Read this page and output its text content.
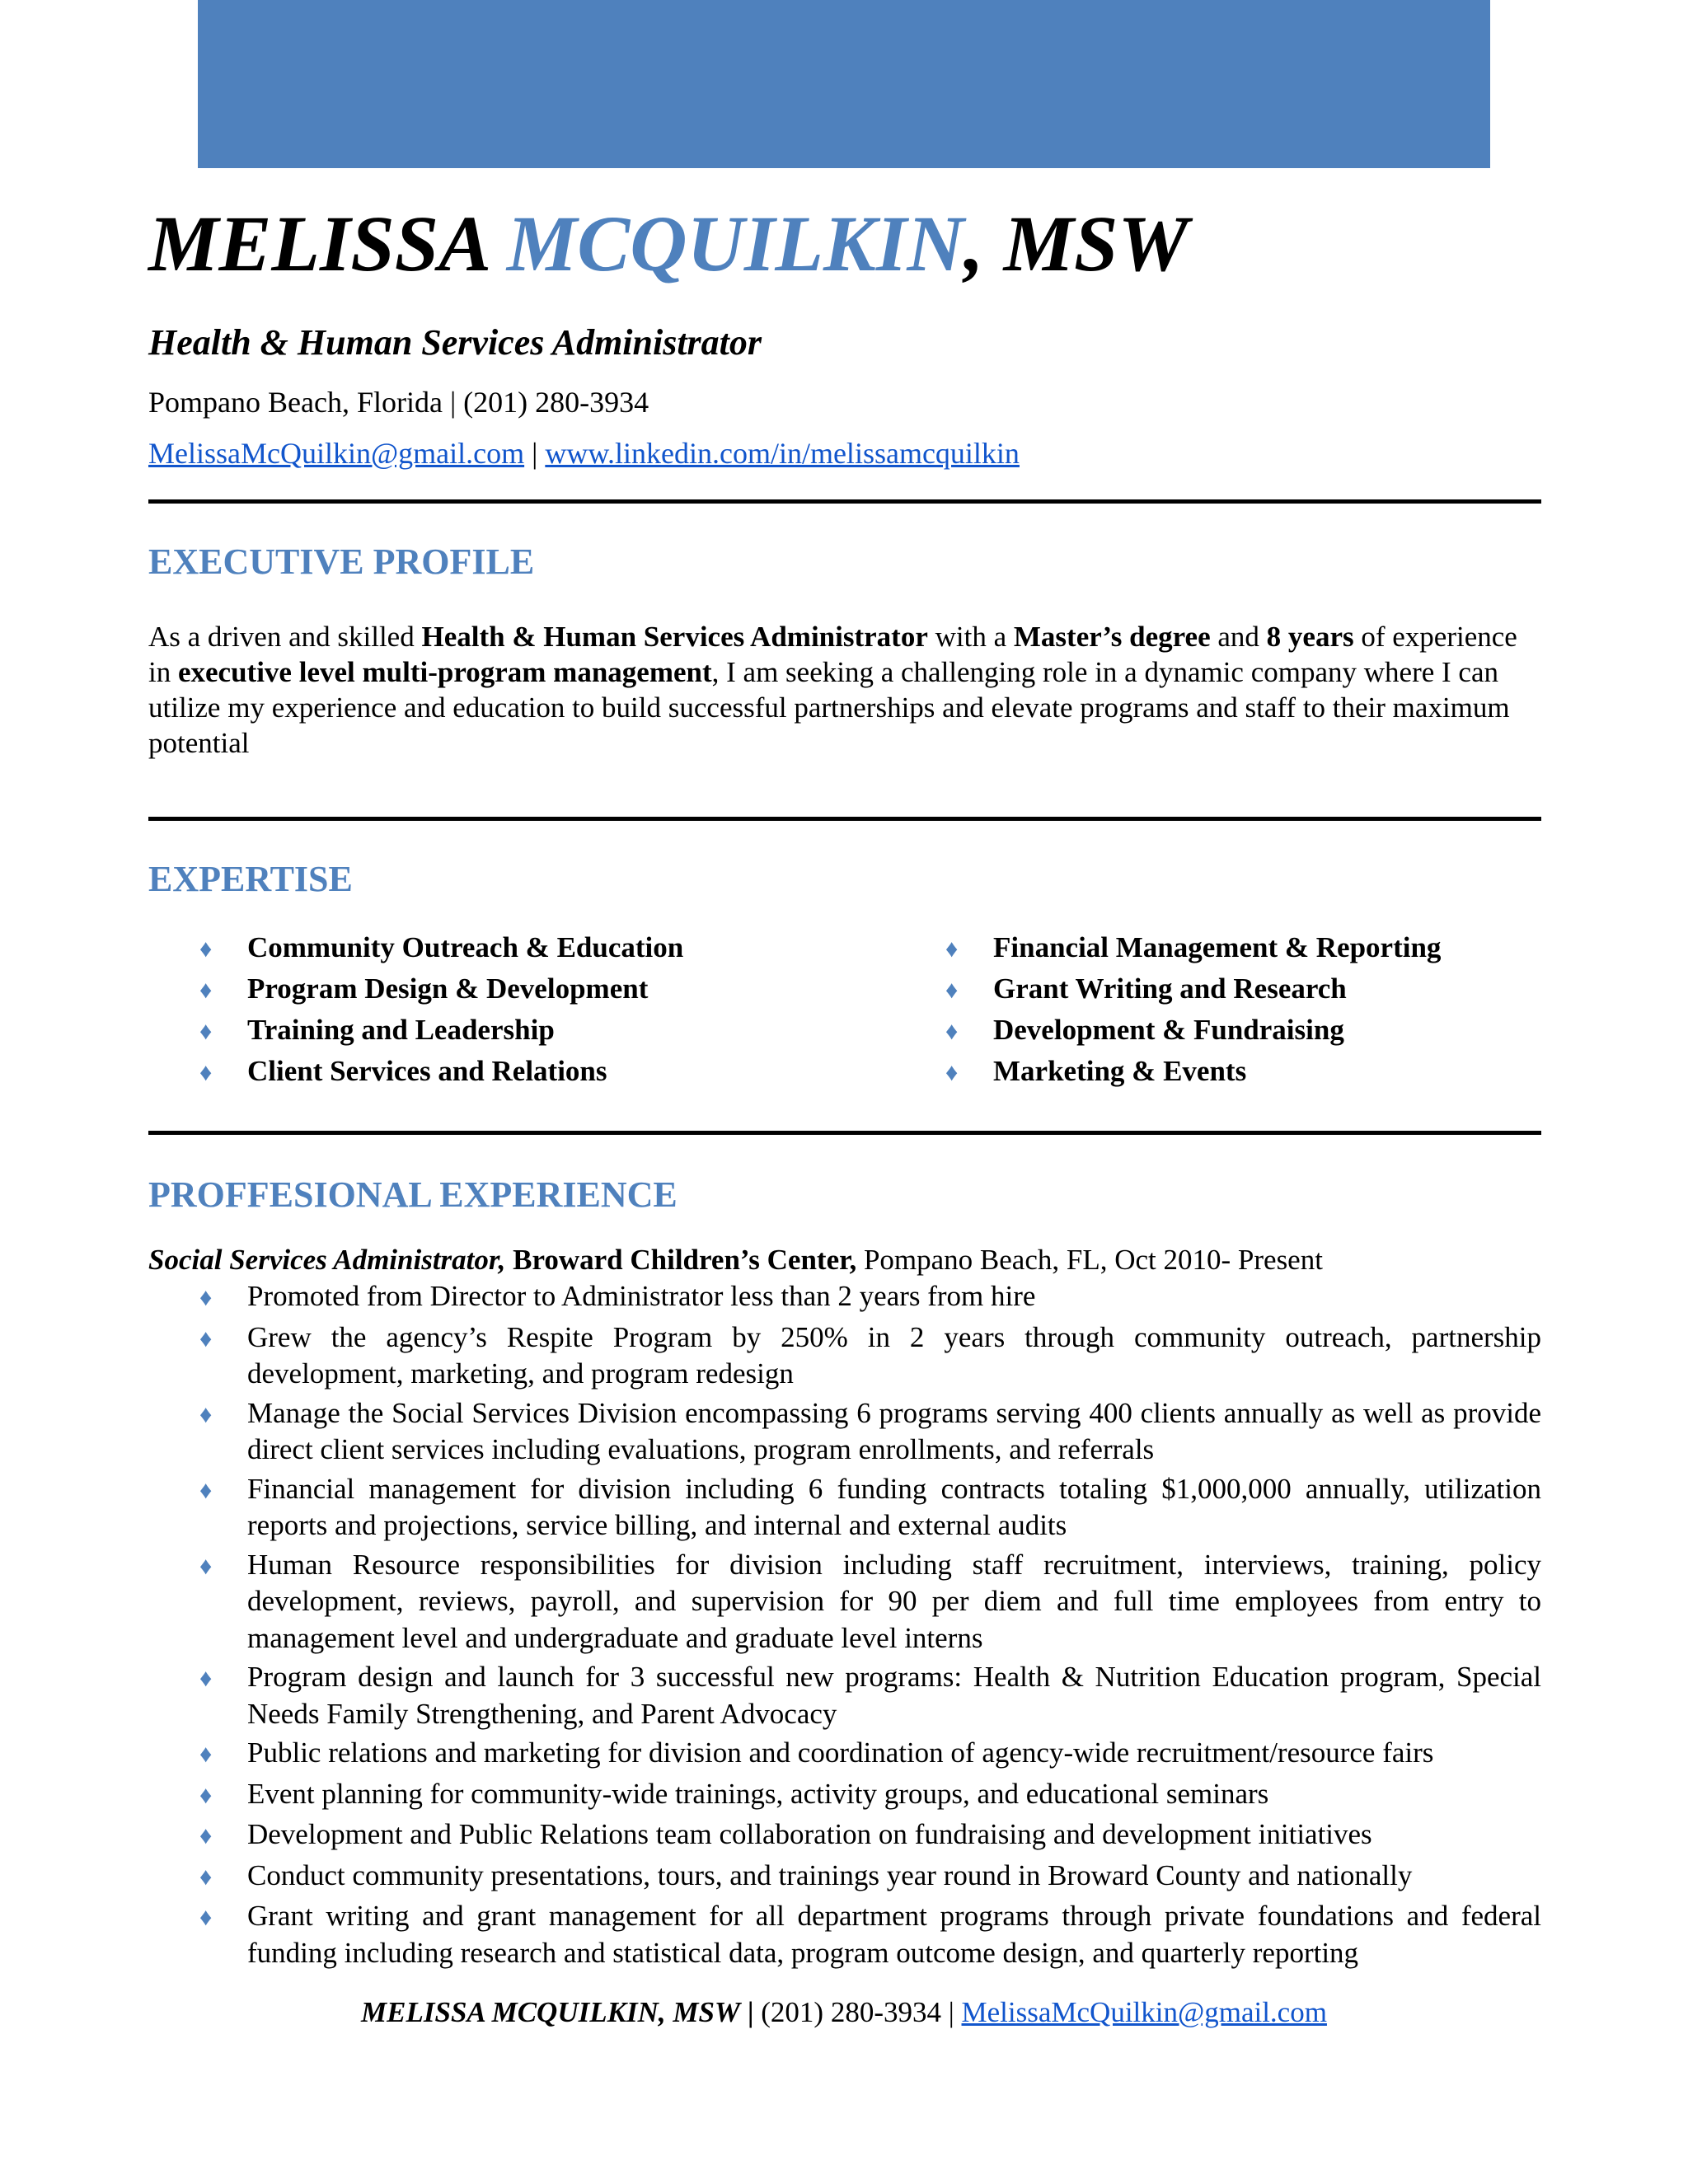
MELISSA MCQUILKIN, MSW
Health & Human Services Administrator
Pompano Beach, Florida | (201) 280-3934
MelissaMcQuilkin@gmail.com | www.linkedin.com/in/melissamcquilkin
EXECUTIVE PROFILE

As a driven and skilled Health & Human Services Administrator with a Master’s degree and 8 years of experience in executive level multi-program management, I am seeking a challenging role in a dynamic company where I can utilize my experience and education to build successful partnerships and elevate programs and staff to their maximum potential

EXPERTISE
♦	Community Outreach & Education
♦	Program Design & Development
♦	Training and Leadership
♦	Client Services and Relations
♦	Financial Management & Reporting
♦	Grant Writing and Research
♦	Development & Fundraising
♦	Marketing & Events
PROFFESIONAL EXPERIENCE
Social Services Administrator, Broward Children’s Center, Pompano Beach, FL, Oct 2010- Present
♦	Promoted from Director to Administrator less than 2 years from hire
♦	Grew the agency’s Respite Program by 250% in 2 years through community outreach, partnership development, marketing, and program redesign
♦	Manage the Social Services Division encompassing 6 programs serving 400 clients annually as well as provide direct client services including evaluations, program enrollments, and referrals
♦	Financial management for division including 6 funding contracts totaling $1,000,000 annually, utilization reports and projections, service billing, and internal and external audits
♦	Human Resource responsibilities for division including staff recruitment, interviews, training, policy development, reviews, payroll, and supervision for 90 per diem and full time employees from entry to management level and undergraduate and graduate level interns
♦	Program design and launch for 3 successful new programs: Health & Nutrition Education program, Special Needs Family Strengthening, and Parent Advocacy
♦	Public relations and marketing for division and coordination of agency-wide recruitment/resource fairs
♦	Event planning for community-wide trainings, activity groups, and educational seminars
♦	Development and Public Relations team collaboration on fundraising and development initiatives
♦	Conduct community presentations, tours, and trainings year round in Broward County and nationally
♦	Grant writing and grant management for all department programs through private foundations and federal funding including research and statistical data, program outcome design, and quarterly reporting
MELISSA MCQUILKIN, MSW | (201) 280-3934 | MelissaMcQuilkin@gmail.com
